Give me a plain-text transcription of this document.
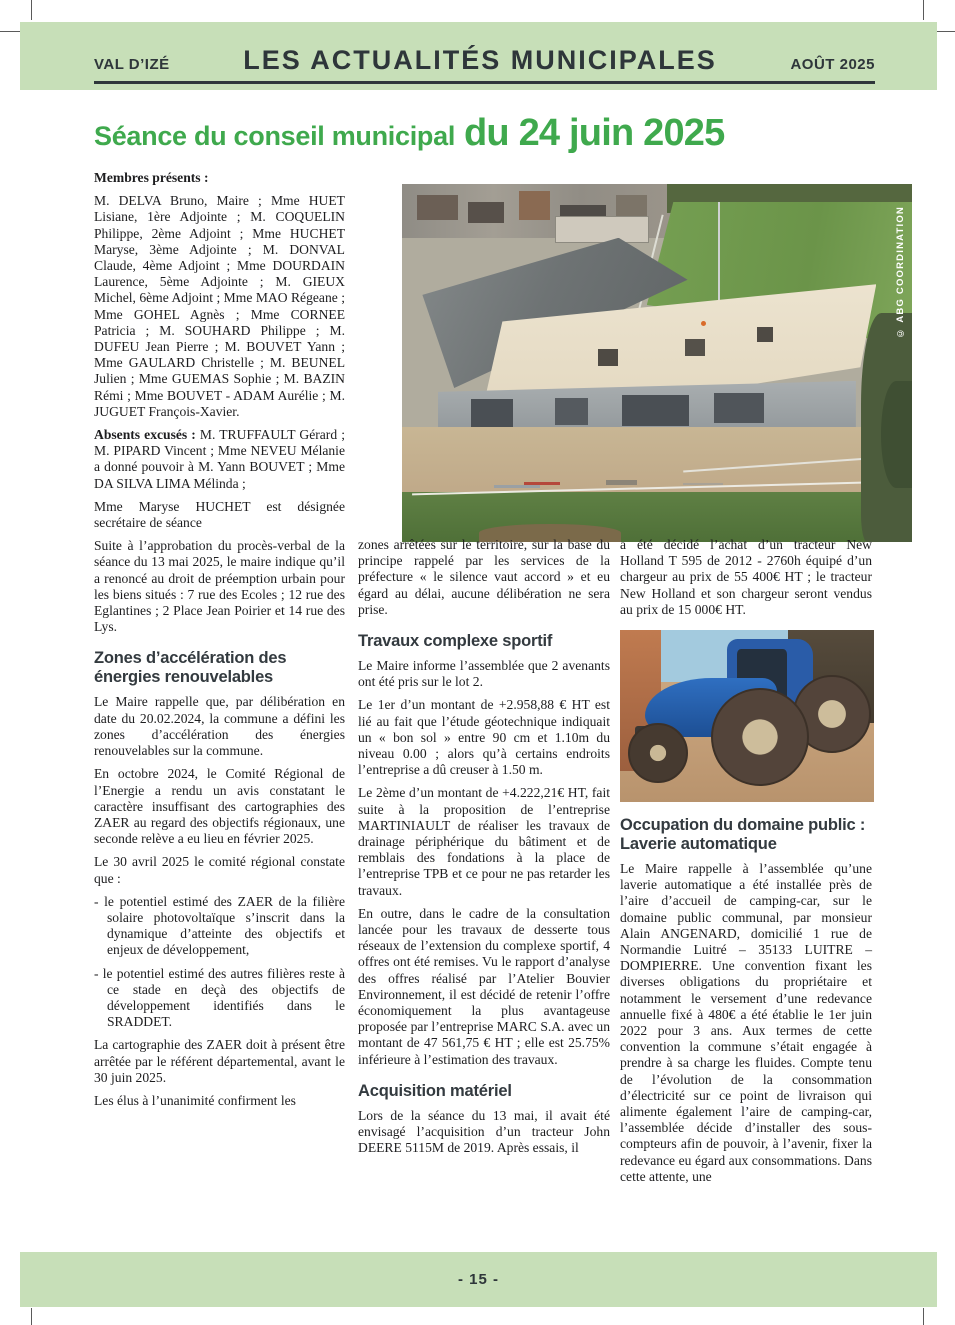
VAL D’IZÉ	LES ACTUALITÉS MUNICIPALES	AOÛT 2025
Séance du conseil municipal du 24 juin 2025
© ABG COORDINATION

Membres présents :

M. DELVA Bruno, Maire ; Mme HUET Lisiane, 1ère Adjointe ; M. COQUELIN Philippe, 2ème Adjoint ; Mme HUCHET Maryse, 3ème Adjointe ; M. DONVAL Claude, 4ème Adjoint ; Mme DOURDAIN Laurence, 5ème Adjointe ; M. GIEUX Michel, 6ème Adjoint ; Mme MAO Régeane ; Mme GOHEL Agnès ; Mme CORNEE Patricia ; M. SOUHARD Philippe ; M. DUFEU Jean Pierre ; M. BOUVET Yann ; Mme GAULARD Christelle ; M. BEUNEL Julien ; Mme GUEMAS Sophie ; M. BAZIN Rémi ; Mme BOUVET - ADAM Aurélie ; M. JUGUET François-Xavier.

Absents excusés : M. TRUFFAULT Gérard ; M. PIPARD Vincent ; Mme NEVEU Mélanie a donné pouvoir à M. Yann BOUVET ; Mme DA SILVA LIMA Mélinda ;

Mme Maryse HUCHET est désignée secrétaire de séance

Suite à l’approbation du procès-verbal de la séance du 13 mai 2025, le maire indique qu’il a renoncé au droit de préemption urbain pour les biens situés : 7 rue des Ecoles ; 12 rue des Eglantines ; 2 Place Jean Poirier et 14 rue des Lys.

Zones d’accélération des énergies renouvelables

Le Maire rappelle que, par délibération en date du 20.02.2024, la commune a défini les zones d’accélération des énergies renouvelables sur la commune.

En octobre 2024, le Comité Régional de l’Energie a rendu un avis constatant le caractère insuffisant des cartographies des ZAER au regard des objectifs régionaux, une seconde relève a eu lieu en février 2025.

Le 30 avril 2025 le comité régional constate que :

- le potentiel estimé des ZAER de la filière solaire photovoltaïque s’inscrit dans la dynamique d’atteinte des objectifs et enjeux de développement,

- le potentiel estimé des autres filières reste à ce stade en deçà des objectifs de développement identifiés dans le SRADDET.

La cartographie des ZAER doit à présent être arrêtée par le référent départemental, avant le 30 juin 2025.

Les élus à l’unanimité confirment les

zones arrêtées sur le territoire, sur la base du principe rappelé par les services de la préfecture « le silence vaut accord » et eu égard au délai, aucune délibération ne sera prise.

Travaux complexe sportif

Le Maire informe l’assemblée que 2 avenants ont été pris sur le lot 2.

Le 1er d’un montant de +2.958,88 € HT est lié au fait que l’étude géotechnique indiquait un « bon sol » entre 90 cm et 1.10m du niveau 0.00 ; alors qu’à certains endroits l’entreprise a dû creuser à 1.50 m.

Le 2ème d’un montant de +4.222,21€ HT, fait suite à la proposition de l’entreprise MARTINIAULT de réaliser les travaux de drainage périphérique du bâtiment et de remblais des fondations à la place de l’entreprise TPB et ce pour ne pas retarder les travaux.

En outre, dans le cadre de la consultation lancée pour les travaux de desserte tous réseaux de l’extension du complexe sportif, 4 offres ont été remises. Vu le rapport d’analyse des offres réalisé par l’Atelier Bouvier Environnement, il est décidé de retenir l’offre économiquement la plus avantageuse proposée par l’entreprise MARC S.A. avec un montant de 47 561,75 € HT ; elle est 25.75% inférieure à l’estimation des travaux.

Acquisition matériel

Lors de la séance du 13 mai, il avait été envisagé l’acquisition d’un tracteur John DEERE 5115M de 2019. Après essais, il

a été décidé l’achat d’un tracteur New Holland T 595 de 2012 - 2760h équipé d’un chargeur au prix de 55 400€ HT ; le tracteur New Holland et son chargeur seront vendus au prix de 15 000€ HT.

Occupation du domaine public :
Laverie automatique

Le Maire rappelle à l’assemblée qu’une laverie automatique a été installée près de l’aire d’accueil de camping-car, sur le domaine public communal, par monsieur Alain ANGENARD, domicilié 1 rue de Normandie Luitré – 35133 LUITRE – DOMPIERRE. Une convention fixant les diverses obligations du propriétaire et notamment le versement d’une redevance annuelle fixé à 480€ a été établie le 1er juin 2022 pour 3 ans. Aux termes de cette convention la commune s’était engagée à prendre à sa charge les fluides. Compte tenu de l’évolution de la consommation d’électricité sur ce point de livraison qui alimente également l’aire de camping-car, l’assemblée décide d’installer des sous-compteurs afin de pouvoir, à l’avenir, fixer la redevance eu égard aux consommations. Dans cette attente, une

- 15 -
